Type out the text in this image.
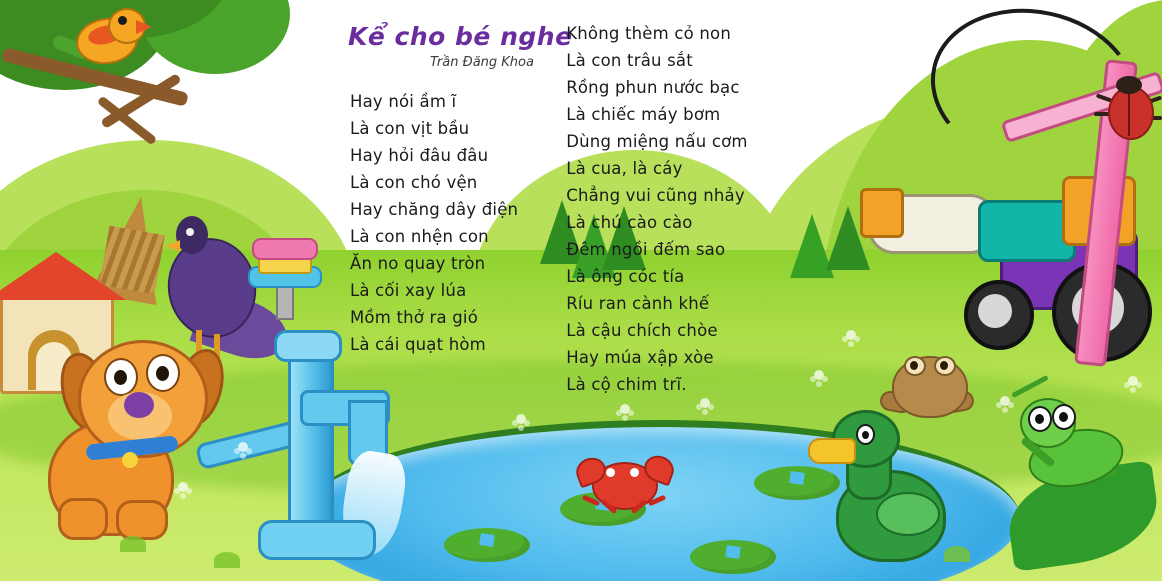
Kể cho bé nghe
Trần Đăng Khoa
Hay nói ầm ĩ
Là con vịt bầu
Hay hỏi đâu đâu
Là con chó vện
Hay chăng dây điện
Là con nhện con
Ăn no quay tròn
Là cối xay lúa
Mồm thở ra gió
Là cái quạt hòm
Không thèm cỏ non
Là con trâu sắt
Rồng phun nước bạc
Là chiếc máy bơm
Dùng miệng nấu cơm
Là cua, là cáy
Chẳng vui cũng nhảy
Là chú cào cào
Đêm ngồi đếm sao
Là ông cóc tía
Ríu ran cành khế
Là cậu chích chòe
Hay múa xập xòe
Là cộ chim trĩ.
